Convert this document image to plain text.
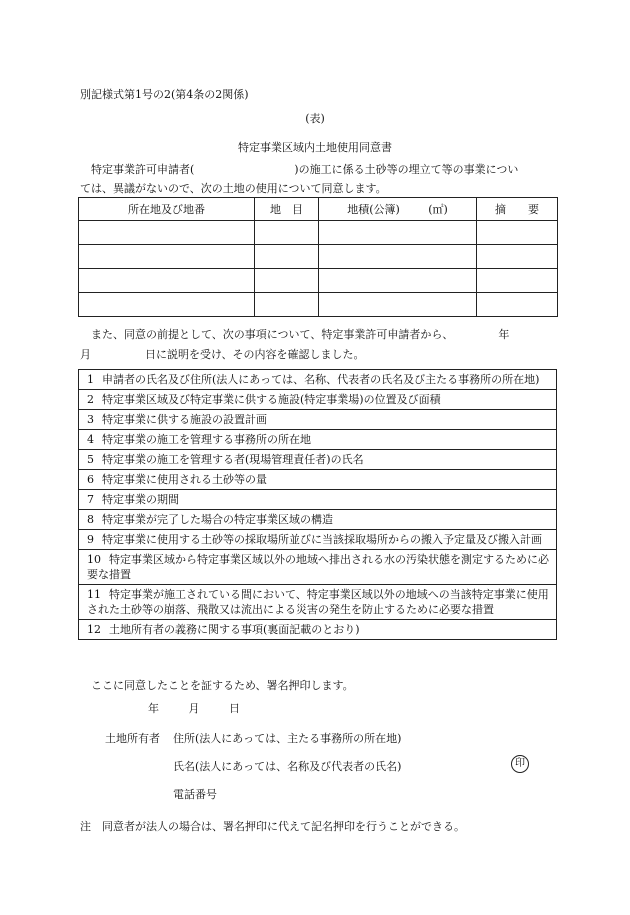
別記様式第1号の2(第4条の2関係)
(表)
特定事業区域内土地使用同意書
　特定事業許可申請者(	)の施工に係る土砂等の埋立て等の事業につい
ては、異議がないので、次の土地の使用について同意します。
所在地及び地番	地　目	地積(公簿) (㎡)	摘　　要

　また、同意の前提として、次の事項について、特定事業許可申請者から、	年
月	日に説明を受け、その内容を確認しました。
1 申請者の氏名及び住所(法人にあっては、名称、代表者の氏名及び主たる事務所の所在地)
2 特定事業区域及び特定事業に供する施設(特定事業場)の位置及び面積
3 特定事業に供する施設の設置計画
4 特定事業の施工を管理する事務所の所在地
5 特定事業の施工を管理する者(現場管理責任者)の氏名
6 特定事業に使用される土砂等の量
7 特定事業の期間
8 特定事業が完了した場合の特定事業区域の構造
9 特定事業に使用する土砂等の採取場所並びに当該採取場所からの搬入予定量及び搬入計画
10 特定事業区域から特定事業区域以外の地域へ排出される水の汚染状態を測定するために必要な措置
11 特定事業が施工されている間において、特定事業区域以外の地域への当該特定事業に使用された土砂等の崩落、飛散又は流出による災害の発生を防止するために必要な措置
12 土地所有者の義務に関する事項(裏面記載のとおり)
　ここに同意したことを証するため、署名押印します。
年	月	日
土地所有者 住所(法人にあっては、主たる事務所の所在地)
氏名(法人にあっては、名称及び代表者の氏名)	印
電話番号
注　同意者が法人の場合は、署名押印に代えて記名押印を行うことができる。
